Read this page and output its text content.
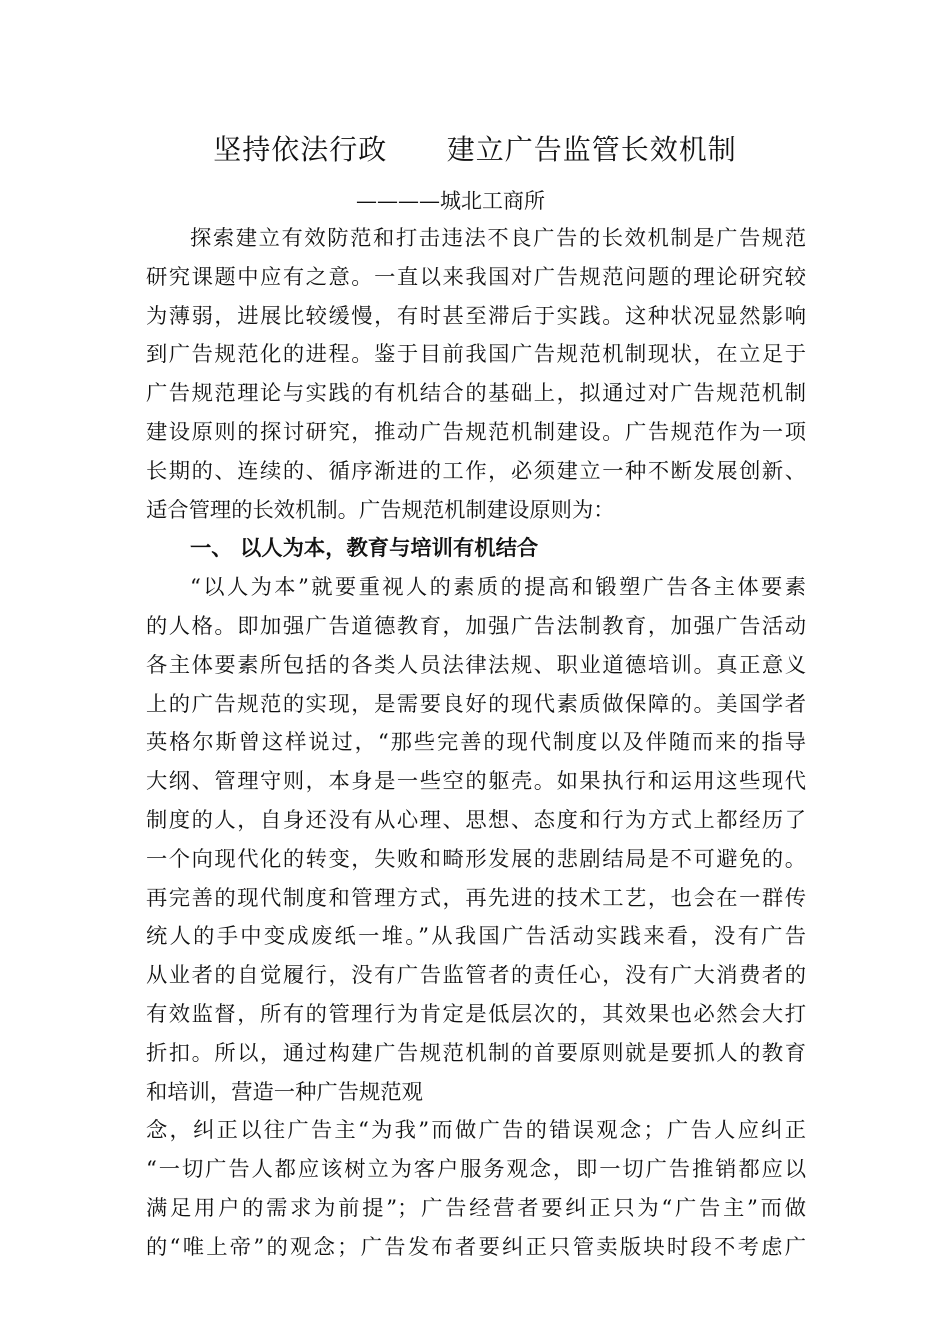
坚持依法行政      建立广告监管长效机制

————城北工商所

探索建立有效防范和打击违法不良广告的长效机制是广告规范
研究课题中应有之意。一直以来我国对广告规范问题的理论研究较
为薄弱，进展比较缓慢，有时甚至滞后于实践。这种状况显然影响
到广告规范化的进程。鉴于目前我国广告规范机制现状，在立足于
广告规范理论与实践的有机结合的基础上，拟通过对广告规范机制
建设原则的探讨研究，推动广告规范机制建设。广告规范作为一项
长期的、连续的、循序渐进的工作，必须建立一种不断发展创新、
适合管理的长效机制。广告规范机制建设原则为：
一、 以人为本，教育与培训有机结合
“以人为本”就要重视人的素质的提高和锻塑广告各主体要素
的人格。即加强广告道德教育，加强广告法制教育，加强广告活动
各主体要素所包括的各类人员法律法规、职业道德培训。真正意义
上的广告规范的实现，是需要良好的现代素质做保障的。美国学者
英格尔斯曾这样说过，“那些完善的现代制度以及伴随而来的指导
大纲、管理守则，本身是一些空的躯壳。如果执行和运用这些现代
制度的人，自身还没有从心理、思想、态度和行为方式上都经历了
一个向现代化的转变，失败和畸形发展的悲剧结局是不可避免的。
再完善的现代制度和管理方式，再先进的技术工艺，也会在一群传
统人的手中变成废纸一堆。”从我国广告活动实践来看，没有广告
从业者的自觉履行，没有广告监管者的责任心，没有广大消费者的
有效监督，所有的管理行为肯定是低层次的，其效果也必然会大打
折扣。所以，通过构建广告规范机制的首要原则就是要抓人的教育
和培训，营造一种广告规范观
念，纠正以往广告主“为我”而做广告的错误观念；广告人应纠正
“一切广告人都应该树立为客户服务观念，即一切广告推销都应以
满足用户的需求为前提”；广告经营者要纠正只为“广告主”而做
的“唯上帝”的观念；广告发布者要纠正只管卖版块时段不考虑广
